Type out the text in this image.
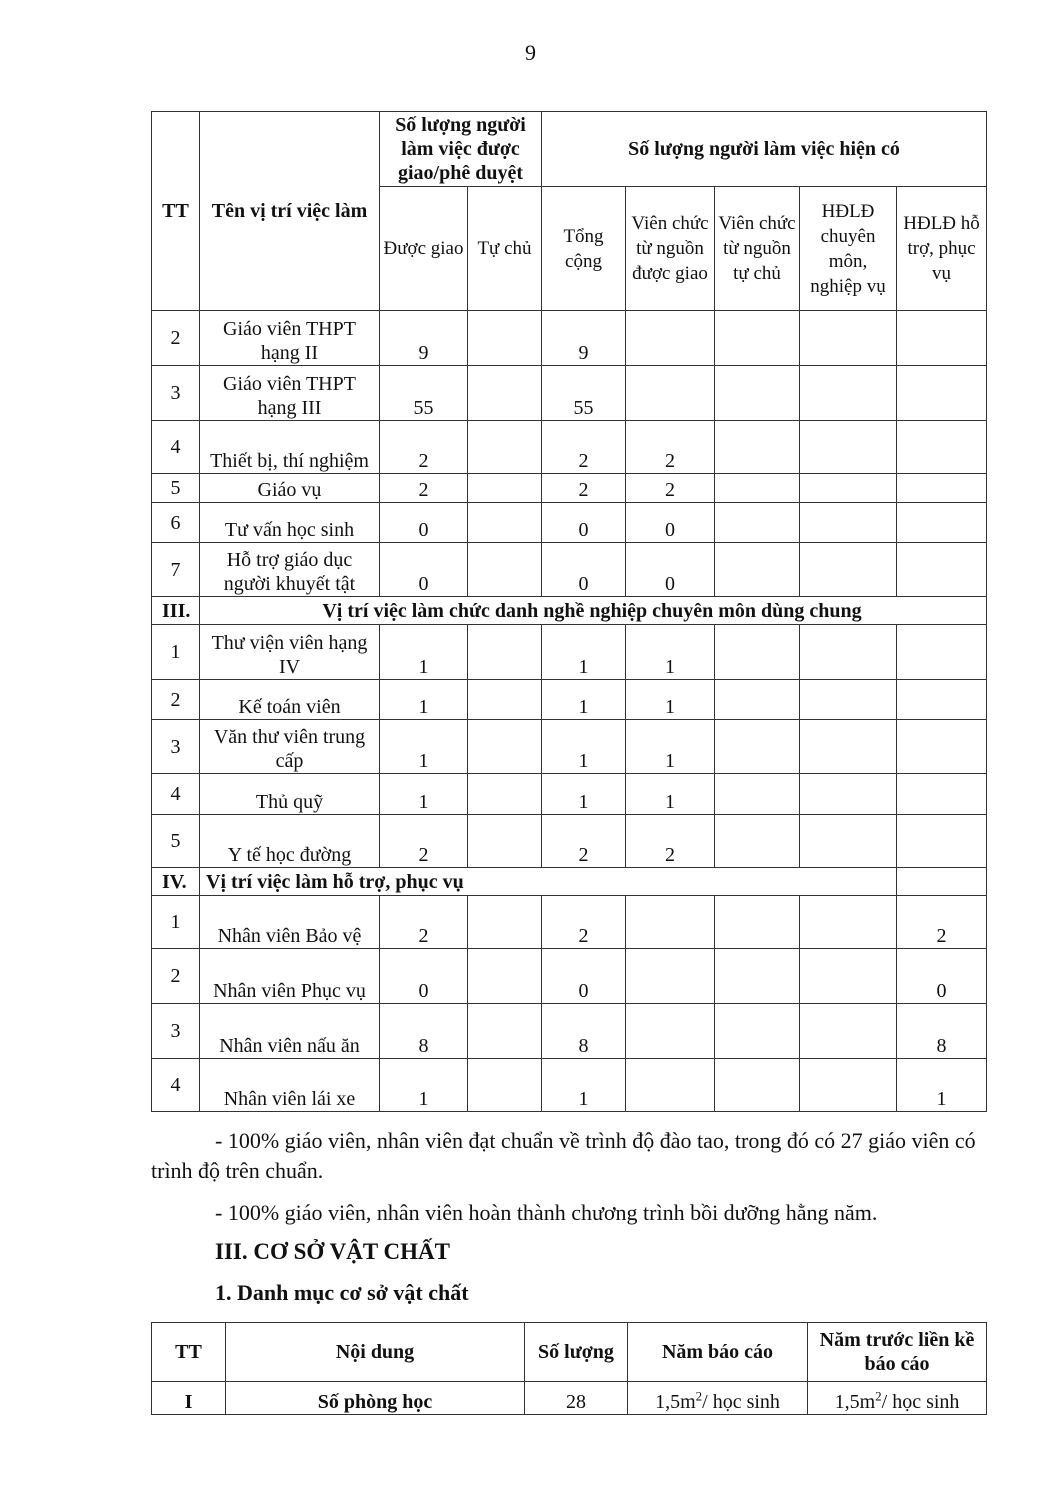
9
TT	Tên vị trí việc làm	Số lượng người làm việc được giao/phê duyệt		Số lượng người làm việc hiện có				
		Được giao	Tự chủ	Tổng cộng	Viên chức từ nguồn được giao	Viên chức từ nguồn tự chủ	HĐLĐ chuyên môn, nghiệp vụ	HĐLĐ hỗ trợ, phục vụ
2	Giáo viên THPT hạng II	9		9				
3	Giáo viên THPT hạng III	55		55				
4	Thiết bị, thí nghiệm	2		2	2			
5	Giáo vụ	2		2	2			
6	Tư vấn học sinh	0		0	0			
7	Hỗ trợ giáo dục người khuyết tật	0		0	0			
III.	Vị trí việc làm chức danh nghề nghiệp chuyên môn dùng chung							
1	Thư viện viên hạng IV	1		1	1			
2	Kế toán viên	1		1	1			
3	Văn thư viên trung cấp	1		1	1			
4	Thủ quỹ	1		1	1			
5	Y tế học đường	2		2	2			
IV.	Vị trí việc làm hỗ trợ, phục vụ							
1	Nhân viên Bảo vệ	2		2				2
2	Nhân viên Phục vụ	0		0				0
3	Nhân viên nấu ăn	8		8				8
4	Nhân viên lái xe	1		1				1
- 100% giáo viên, nhân viên đạt chuẩn về trình độ đào tao, trong đó có 27 giáo viên có trình độ trên chuẩn.
- 100% giáo viên, nhân viên hoàn thành chương trình bồi dưỡng hằng năm.
III. CƠ SỞ VẬT CHẤT
1. Danh mục cơ sở vật chất
TT	Nội dung	Số lượng	Năm báo cáo	Năm trước liền kề báo cáo
I	Số phòng học	28	$1,5m^2/$ học sinh	$1,5m^2/$ học sinh
